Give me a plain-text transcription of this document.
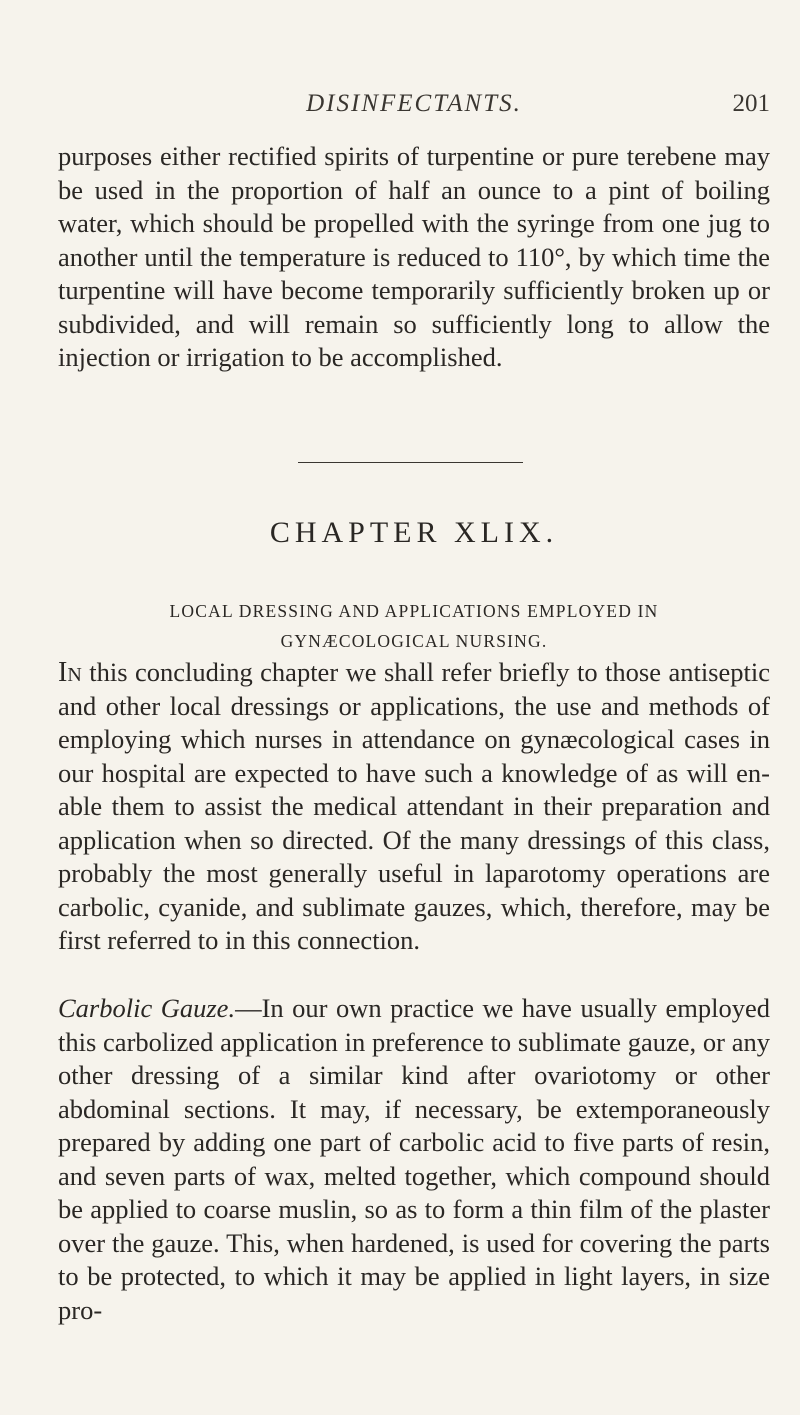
DISINFECTANTS.	201

purposes either rectified spirits of turpentine or pure terebene may be used in the proportion of half an ounce to a pint of boiling water, which should be propelled with the syringe from one jug to another until the temperature is reduced to 110°, by which time the turpentine will have become temporarily sufficiently broken up or subdivided, and will remain so sufficiently long to allow the injection or irrigation to be accomplished.

CHAPTER XLIX.

LOCAL DRESSING AND APPLICATIONS EMPLOYED IN
GYNÆCOLOGICAL NURSING.

In this concluding chapter we shall refer briefly to those antiseptic and other local dressings or applications, the use and methods of employing which nurses in attendance on gynæcological cases in our hospital are expected to have such a knowledge of as will enable them to assist the medical attendant in their preparation and application when so directed. Of the many dressings of this class, probably the most generally useful in laparotomy operations are carbolic, cyanide, and sublimate gauzes, which, therefore, may be first referred to in this connection.

Carbolic Gauze.—In our own practice we have usually employed this carbolized application in preference to sublimate gauze, or any other dressing of a similar kind after ovariotomy or other abdominal sections. It may, if necessary, be extemporaneously prepared by adding one part of carbolic acid to five parts of resin, and seven parts of wax, melted together, which compound should be applied to coarse muslin, so as to form a thin film of the plaster over the gauze. This, when hardened, is used for covering the parts to be protected, to which it may be applied in light layers, in size pro-
